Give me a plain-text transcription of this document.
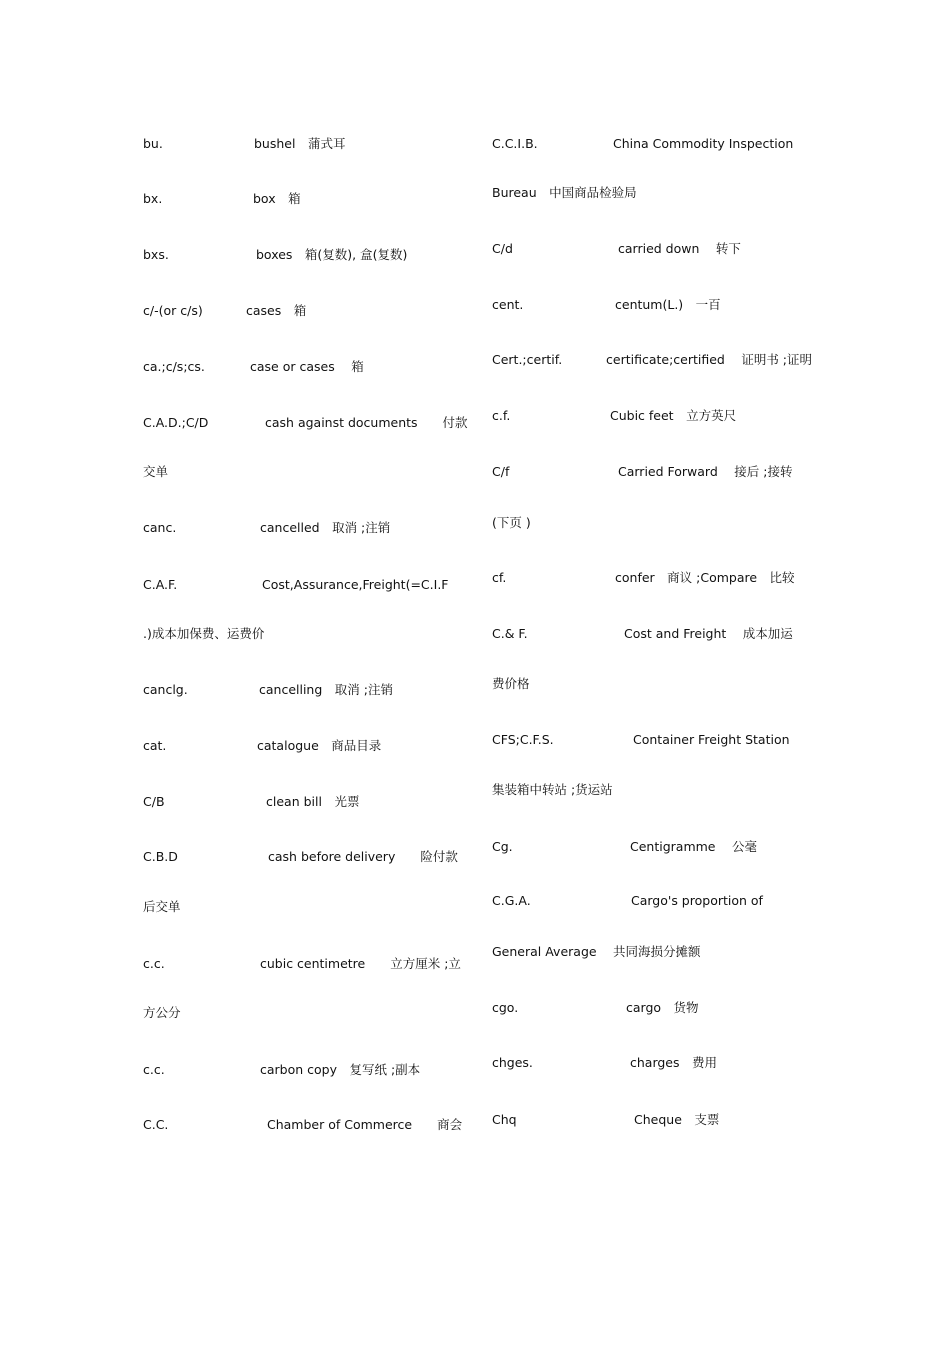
bu.	bushel　蒲式耳
bx.	box　箱
bxs.	boxes　箱(复数), 盒(复数)
c/-(or c/s)	cases　箱
ca.;c/s;cs.	case or cases　 箱
C.A.D.;C/D	cash against documents　　付款
交单
canc.	cancelled　取消 ;注销
C.A.F.	Cost,Assurance,Freight(=C.I.F
.)成本加保费、运费价
canclg.	cancelling　取消 ;注销
cat.	catalogue　商品目录
C/B	clean bill　光票
C.B.D	cash before delivery　　险付款
后交单
c.c.	cubic centimetre　　立方厘米 ;立
方公分
c.c.	carbon copy　复写纸 ;副本
C.C.	Chamber of Commerce　　商会
C.C.I.B.	China Commodity Inspection
Bureau　中国商品检验局
C/d	carried down　 转下
cent.	centum(L.)　一百
Cert.;certif.	certificate;certified　 证明书 ;证明
c.f.	Cubic feet　立方英尺
C/f	Carried Forward　 接后 ;接转
(下页 )
cf.	confer　商议 ;Compare　比较
C.& F.	Cost and Freight　 成本加运
费价格
CFS;C.F.S.	Container Freight Station
集装箱中转站 ;货运站
Cg.	Centigramme　 公毫
C.G.A.	Cargo's proportion of
General Average　 共同海损分摊额
cgo.	cargo　货物
chges.	charges　费用
Chq	Cheque　支票
